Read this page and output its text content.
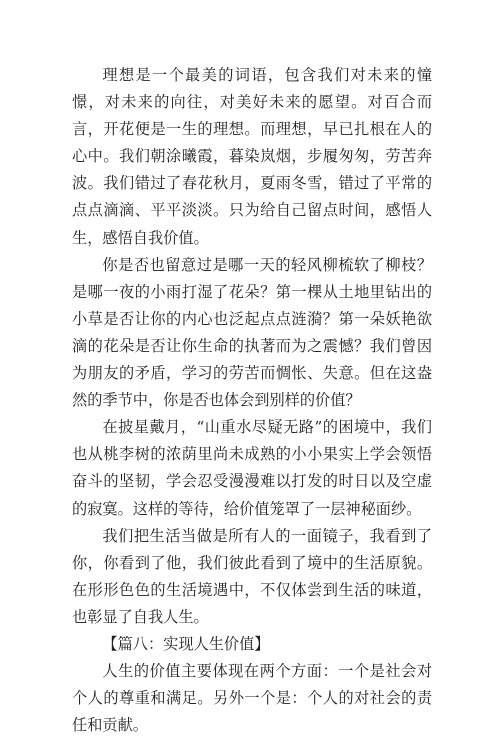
理想是一个最美的词语，包含我们对未来的憧憬，对未来的向往，对美好未来的愿望。对百合而言，开花便是一生的理想。而理想，早已扎根在人的心中。我们朝涂曦霞，暮染岚烟，步履匆匆，劳苦奔波。我们错过了春花秋月，夏雨冬雪，错过了平常的点点滴滴、平平淡淡。只为给自己留点时间，感悟人生，感悟自我价值。

你是否也留意过是哪一天的轻风柳梳软了柳枝？是哪一夜的小雨打湿了花朵？第一棵从土地里钻出的小草是否让你的内心也泛起点点涟漪？第一朵妖艳欲滴的花朵是否让你生命的执著而为之震憾？我们曾因为朋友的矛盾，学习的劳苦而惆怅、失意。但在这盎然的季节中，你是否也体会到别样的价值？

在披星戴月，“山重水尽疑无路”的困境中，我们也从桃李树的浓荫里尚未成熟的小小果实上学会领悟奋斗的坚韧，学会忍受漫漫难以打发的时日以及空虚的寂寞。这样的等待，给价值笼罩了一层神秘面纱。

我们把生活当做是所有人的一面镜子，我看到了你，你看到了他，我们彼此看到了境中的生活原貌。在形形色色的生活境遇中，不仅体尝到生活的味道，也彰显了自我人生。

【篇八：实现人生价值】

人生的价值主要体现在两个方面：一个是社会对个人的尊重和满足。另外一个是：个人的对社会的责任和贡献。
